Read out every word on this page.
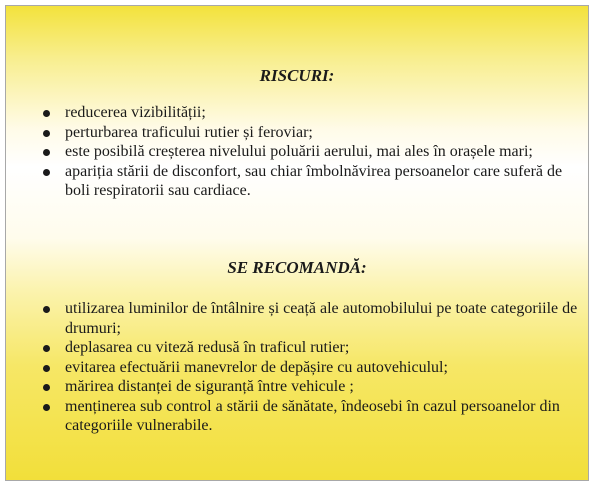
RISCURI:
reducerea vizibilității;
perturbarea traficului rutier și feroviar;
este posibilă creșterea nivelului poluării aerului, mai ales în orașele mari;
apariția stării de disconfort, sau chiar îmbolnăvirea persoanelor care suferă de boli respiratorii sau cardiace.
SE RECOMANDĂ:
utilizarea luminilor de întâlnire și ceață ale automobilului pe toate categoriile de drumuri;
deplasarea cu viteză redusă în traficul rutier;
evitarea efectuării manevrelor de depășire cu autovehiculul;
mărirea distanței de siguranță între vehicule ;
menținerea sub control a stării de sănătate, îndeosebi în cazul persoanelor din categoriile vulnerabile.
